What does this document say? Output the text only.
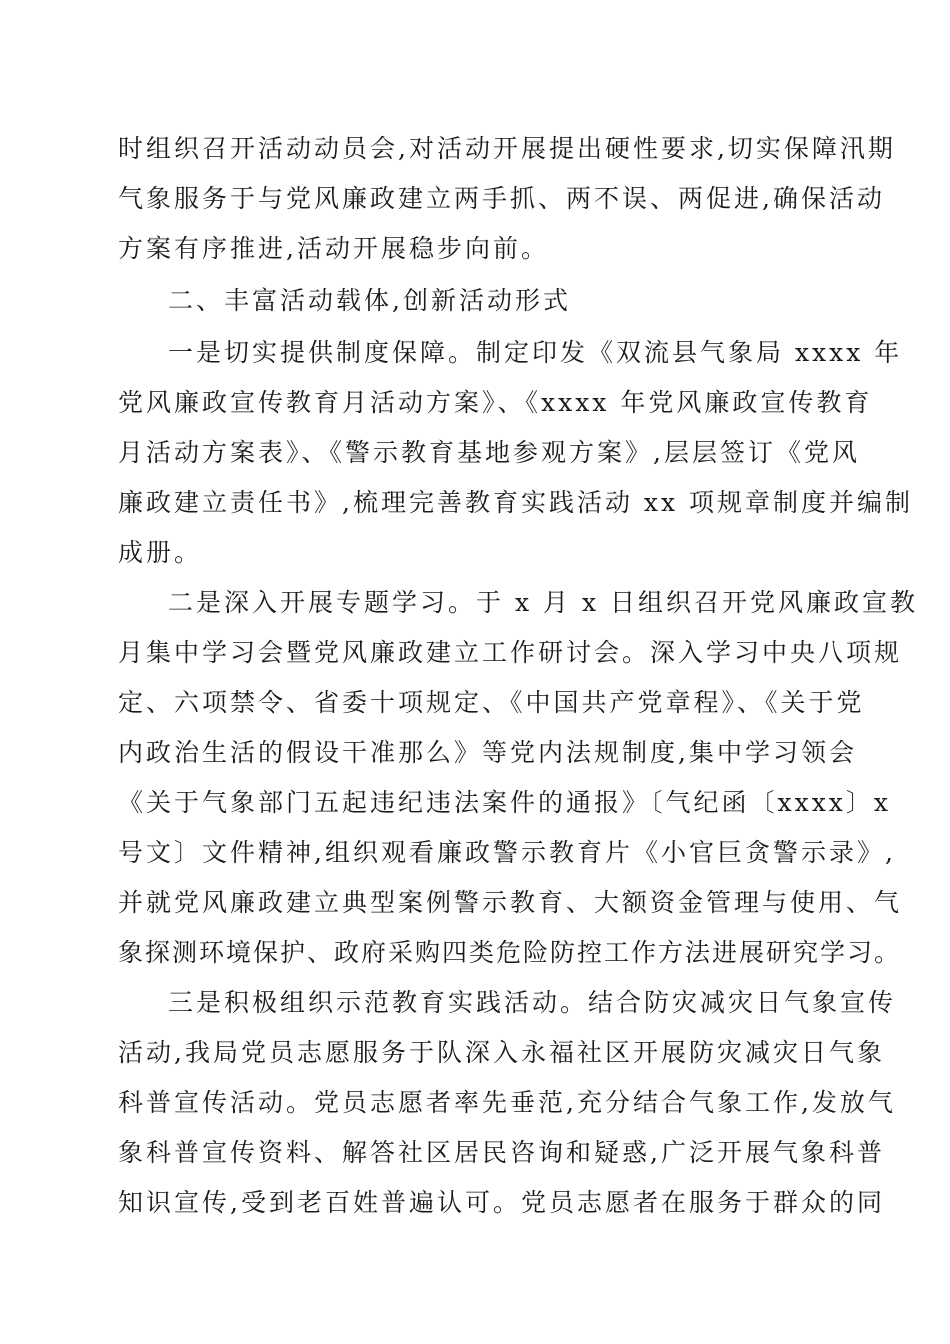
时组织召开活动动员会,对活动开展提出硬性要求,切实保障汛期
气象服务于与党风廉政建立两手抓、两不误、两促进,确保活动
方案有序推进,活动开展稳步向前。
二、丰富活动载体,创新活动形式
一是切实提供制度保障。制定印发《双流县气象局 xxxx 年
党风廉政宣传教育月活动方案》、《xxxx 年党风廉政宣传教育
月活动方案表》、《警示教育基地参观方案》,层层签订《党风
廉政建立责任书》,梳理完善教育实践活动 xx 项规章制度并编制
成册。
二是深入开展专题学习。于 x 月 x 日组织召开党风廉政宣教
月集中学习会暨党风廉政建立工作研讨会。深入学习中央八项规
定、六项禁令、省委十项规定、《中国共产党章程》、《关于党
内政治生活的假设干准那么》等党内法规制度,集中学习领会
《关于气象部门五起违纪违法案件的通报》〔气纪函〔xxxx〕x
号文〕文件精神,组织观看廉政警示教育片《小官巨贪警示录》,
并就党风廉政建立典型案例警示教育、大额资金管理与使用、气
象探测环境保护、政府采购四类危险防控工作方法进展研究学习。
三是积极组织示范教育实践活动。结合防灾减灾日气象宣传
活动,我局党员志愿服务于队深入永福社区开展防灾减灾日气象
科普宣传活动。党员志愿者率先垂范,充分结合气象工作,发放气
象科普宣传资料、解答社区居民咨询和疑惑,广泛开展气象科普
知识宣传,受到老百姓普遍认可。党员志愿者在服务于群众的同
